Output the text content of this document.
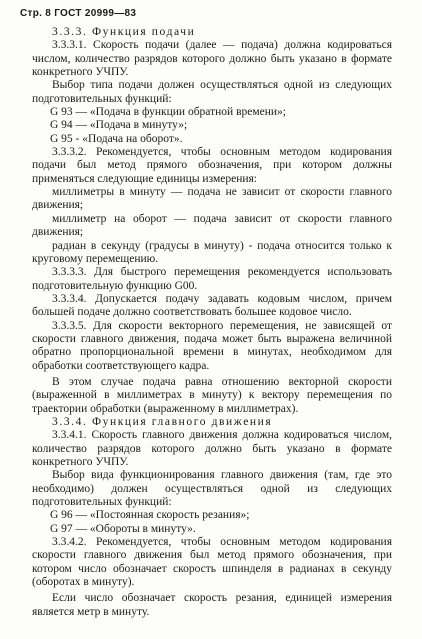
Стр. 8 ГОСТ 20999—83

3.3.3. Функция подачи

3.3.3.1. Скорость подачи (далее — подача) должна кодироваться числом, количество разрядов которого должно быть указано в формате конкретного УЧПУ.

Выбор типа подачи должен осуществляться одной из следующих подготовительных функций:

G 93 — «Подача в функции обратной времени»;

G 94 — «Подача в минуту»;

G 95 - «Подача на оборот».

3.3.3.2. Рекомендуется, чтобы основным методом кодирования подачи был метод прямого обозначения, при котором должны применяться следующие единицы измерения:

миллиметры в минуту — подача не зависит от скорости главного движения;

миллиметр на оборот — подача зависит от скорости главного движения;

радиан в секунду (градусы в минуту) - подача относится только к круговому перемещению.

3.3.3.3. Для быстрого перемещения рекомендуется использовать подготовительную функцию G00.

3.3.3.4. Допускается подачу задавать кодовым числом, причем большей подаче должно соответствовать большее кодовое число.

3.3.3.5. Для скорости векторного перемещения, не зависящей от скорости главного движения, подача может быть выражена величиной обратно пропорциональной времени в минутах, необходимом для обработки соответствующего кадра.

В этом случае подача равна отношению векторной скорости (выраженной в миллиметрах в минуту) к вектору перемещения по траектории обработки (выраженному в миллиметрах).

3.3.4. Функция главного движения

3.3.4.1. Скорость главного движения должна кодироваться числом, количество разрядов которого должно быть указано в формате конкретного УЧПУ.

Выбор вида функционирования главного движения (там, где это необходимо) должен осуществляться одной из следующих подготовительных функций:

G 96 — «Постоянная скорость резания»;

G 97 — «Обороты в минуту».

3.3.4.2. Рекомендуется, чтобы основным методом кодирования скорости главного движения был метод прямого обозначения, при котором число обозначает скорость шпинделя в радианах в секунду (оборотах в минуту).

Если число обозначает скорость резания, единицей измерения является метр в минуту.
